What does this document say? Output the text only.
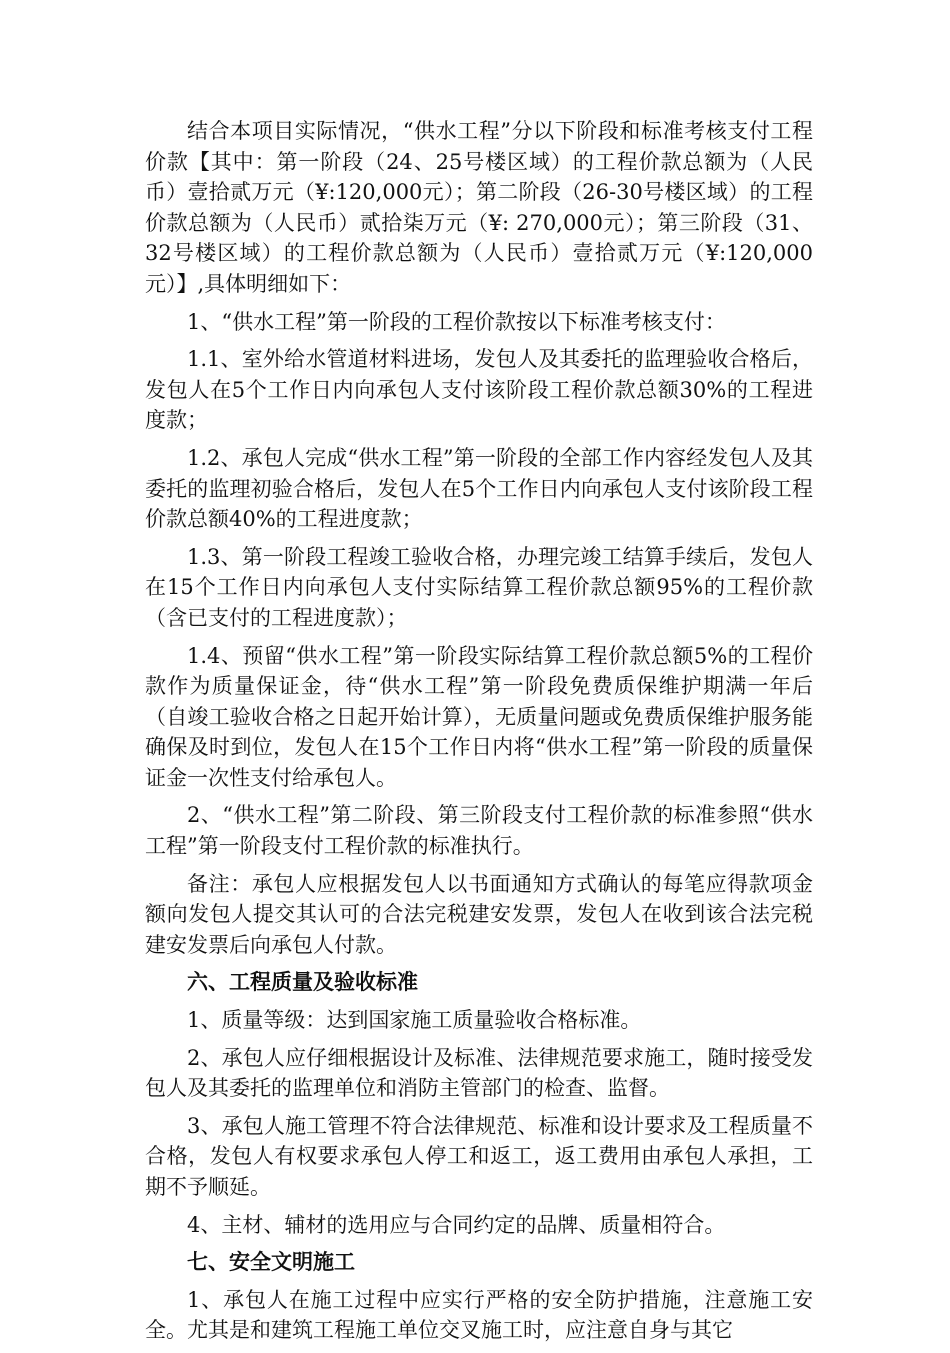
结合本项目实际情况，“供水工程”分以下阶段和标准考核支付工程价款【其中：第一阶段（24、25号楼区域）的工程价款总额为（人民币）壹拾贰万元（¥:120,000元）；第二阶段（26-30号楼区域）的工程价款总额为（人民币）贰拾柒万元（¥: 270,000元）；第三阶段（31、32号楼区域）的工程价款总额为（人民币）壹拾贰万元（¥:120,000元）】,具体明细如下：

1、“供水工程”第一阶段的工程价款按以下标准考核支付：

1.1、室外给水管道材料进场，发包人及其委托的监理验收合格后，发包人在5个工作日内向承包人支付该阶段工程价款总额30%的工程进度款；

1.2、承包人完成“供水工程”第一阶段的全部工作内容经发包人及其委托的监理初验合格后，发包人在5个工作日内向承包人支付该阶段工程价款总额40%的工程进度款；

1.3、第一阶段工程竣工验收合格，办理完竣工结算手续后，发包人在15个工作日内向承包人支付实际结算工程价款总额95%的工程价款（含已支付的工程进度款）；

1.4、预留“供水工程”第一阶段实际结算工程价款总额5%的工程价款作为质量保证金，待“供水工程”第一阶段免费质保维护期满一年后（自竣工验收合格之日起开始计算），无质量问题或免费质保维护服务能确保及时到位，发包人在15个工作日内将“供水工程”第一阶段的质量保证金一次性支付给承包人。

2、“供水工程”第二阶段、第三阶段支付工程价款的标准参照“供水工程”第一阶段支付工程价款的标准执行。

备注：承包人应根据发包人以书面通知方式确认的每笔应得款项金额向发包人提交其认可的合法完税建安发票，发包人在收到该合法完税建安发票后向承包人付款。

六、工程质量及验收标准

1、质量等级：达到国家施工质量验收合格标准。

2、承包人应仔细根据设计及标准、法律规范要求施工，随时接受发包人及其委托的监理单位和消防主管部门的检查、监督。

3、承包人施工管理不符合法律规范、标准和设计要求及工程质量不合格，发包人有权要求承包人停工和返工，返工费用由承包人承担，工期不予顺延。

4、主材、辅材的选用应与合同约定的品牌、质量相符合。

七、安全文明施工

1、承包人在施工过程中应实行严格的安全防护措施，注意施工安全。尤其是和建筑工程施工单位交叉施工时，应注意自身与其它
